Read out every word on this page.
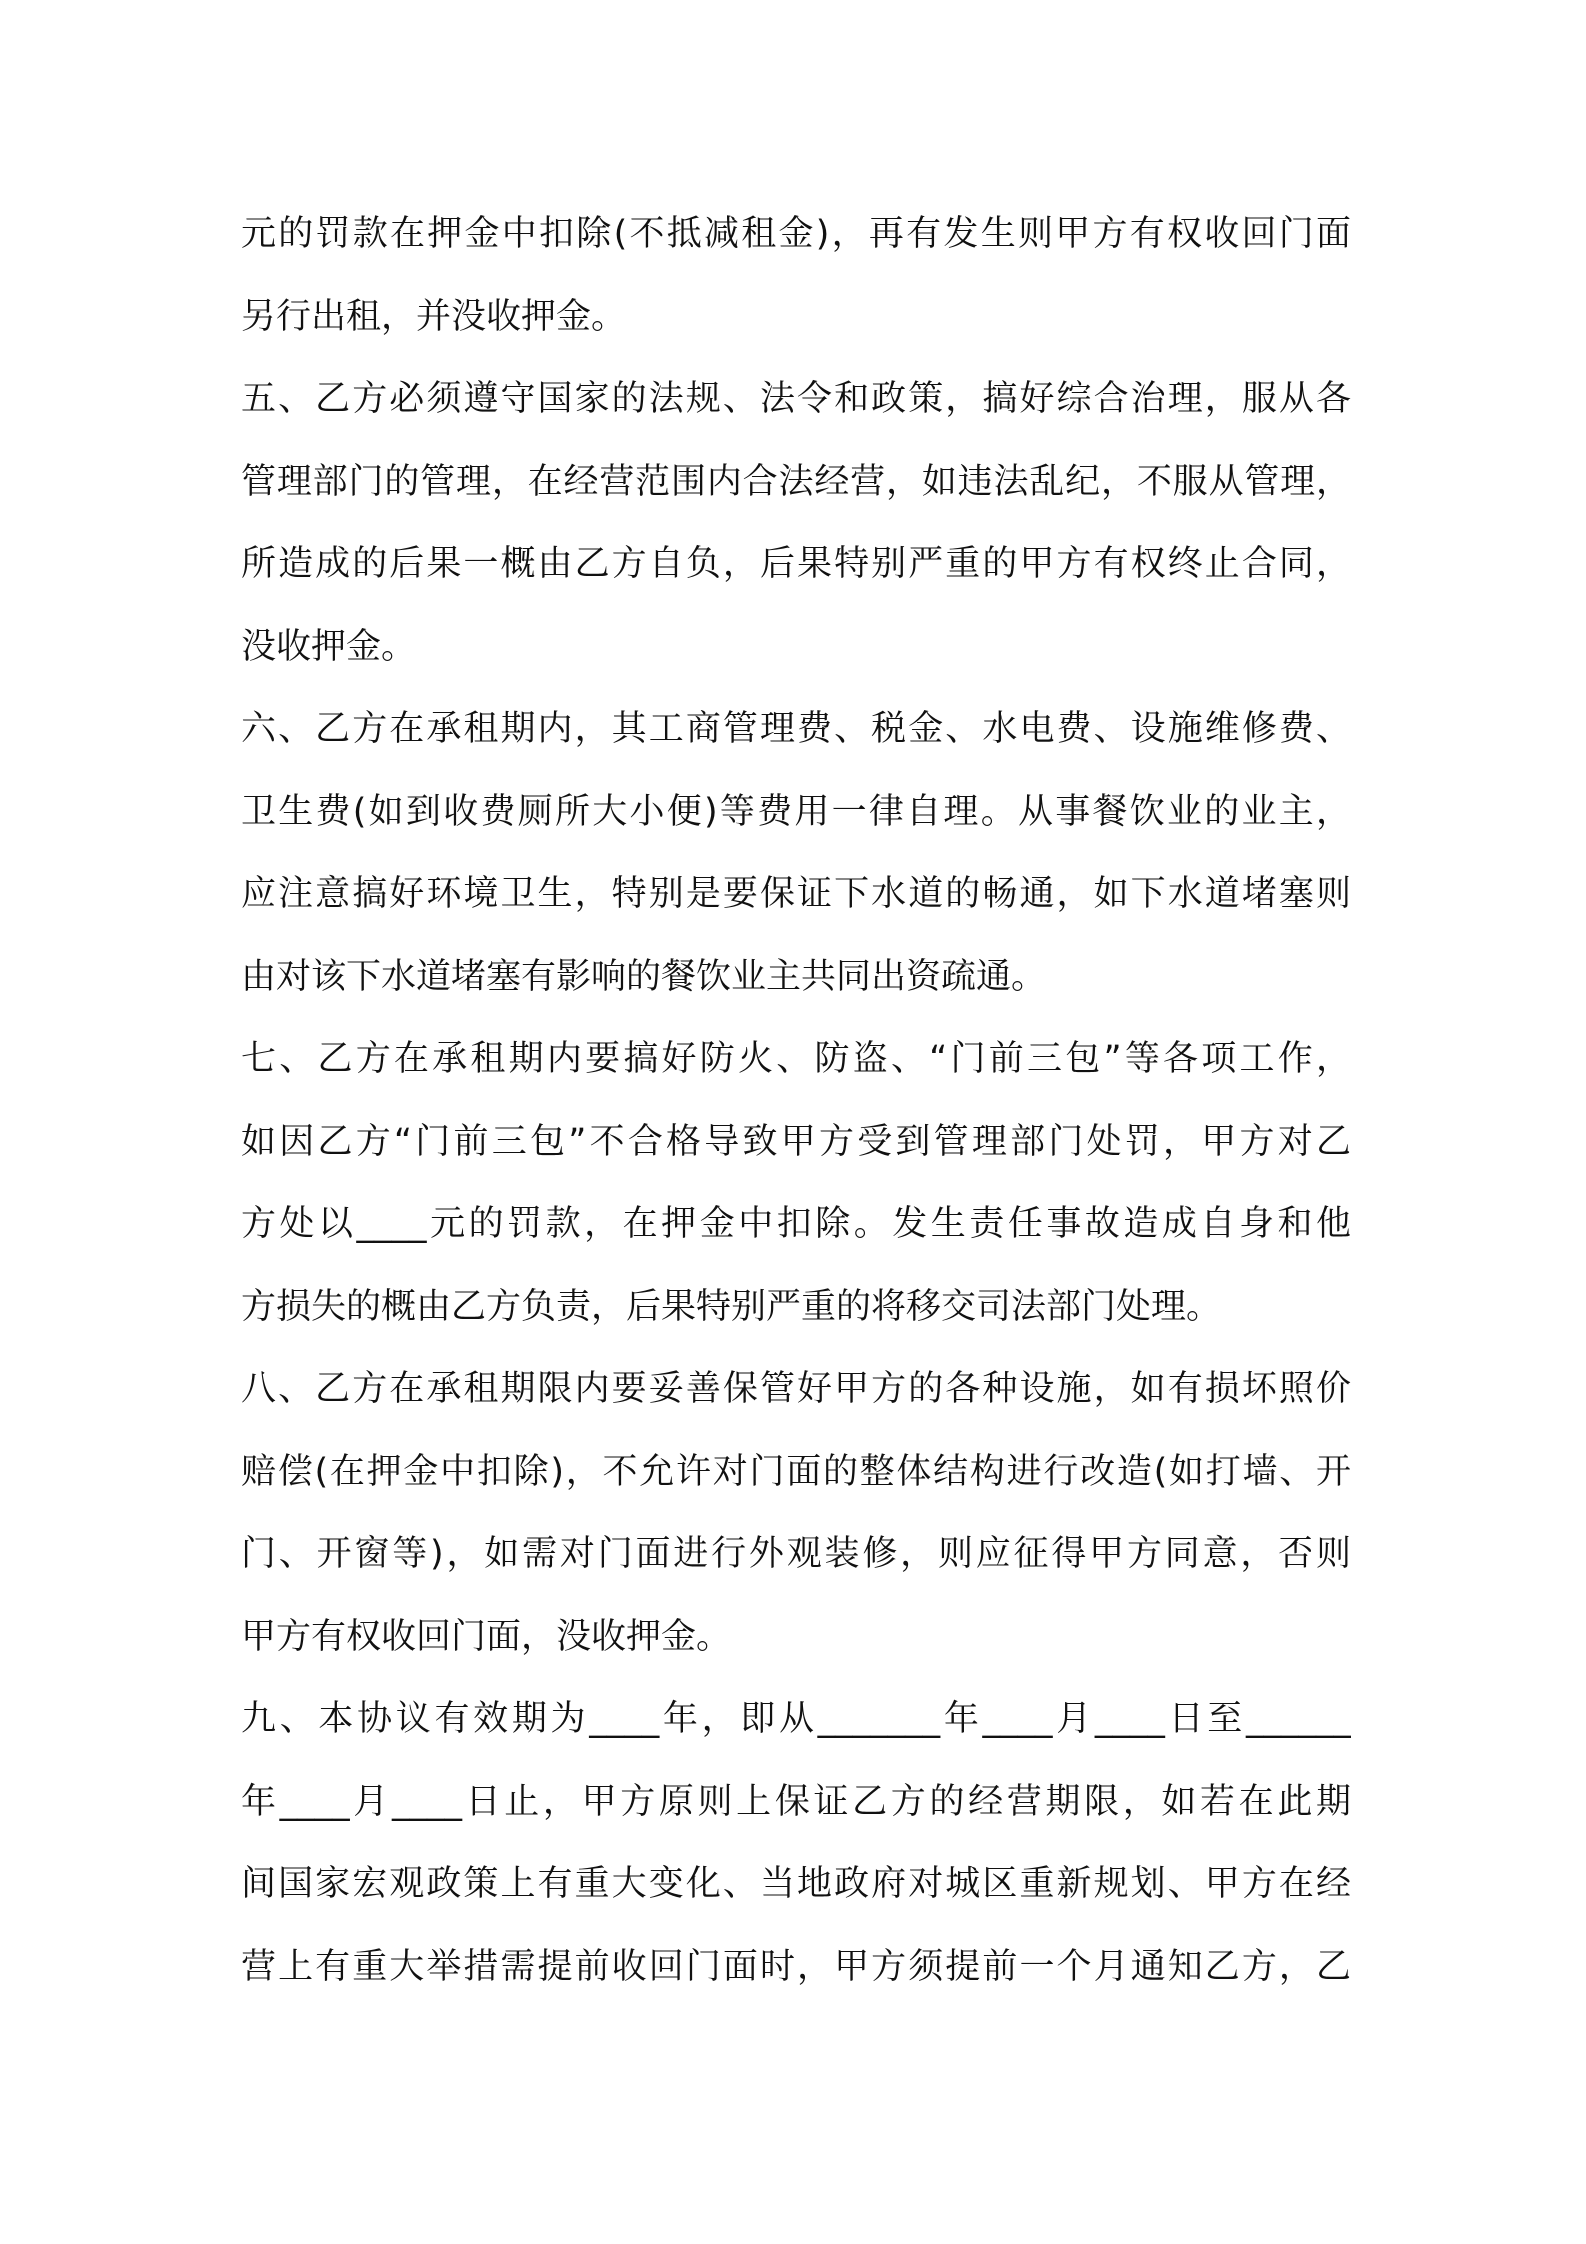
元的罚款在押金中扣除(不抵减租金)，再有发生则甲方有权收回门面
另行出租，并没收押金。
五、乙方必须遵守国家的法规、法令和政策，搞好综合治理，服从各
管理部门的管理，在经营范围内合法经营，如违法乱纪，不服从管理，
所造成的后果一概由乙方自负，后果特别严重的甲方有权终止合同，
没收押金。
六、乙方在承租期内，其工商管理费、税金、水电费、设施维修费、
卫生费(如到收费厕所大小便)等费用一律自理。从事餐饮业的业主，
应注意搞好环境卫生，特别是要保证下水道的畅通，如下水道堵塞则
由对该下水道堵塞有影响的餐饮业主共同出资疏通。
七、乙方在承租期内要搞好防火、防盗、“门前三包”等各项工作，
如因乙方“门前三包”不合格导致甲方受到管理部门处罚，甲方对乙
方处以____元的罚款，在押金中扣除。发生责任事故造成自身和他
方损失的概由乙方负责，后果特别严重的将移交司法部门处理。
八、乙方在承租期限内要妥善保管好甲方的各种设施，如有损坏照价
赔偿(在押金中扣除)，不允许对门面的整体结构进行改造(如打墙、开
门、开窗等)，如需对门面进行外观装修，则应征得甲方同意，否则
甲方有权收回门面，没收押金。
九、本协议有效期为____年，即从_______年____月____日至______
年____月____日止，甲方原则上保证乙方的经营期限，如若在此期
间国家宏观政策上有重大变化、当地政府对城区重新规划、甲方在经
营上有重大举措需提前收回门面时，甲方须提前一个月通知乙方，乙
